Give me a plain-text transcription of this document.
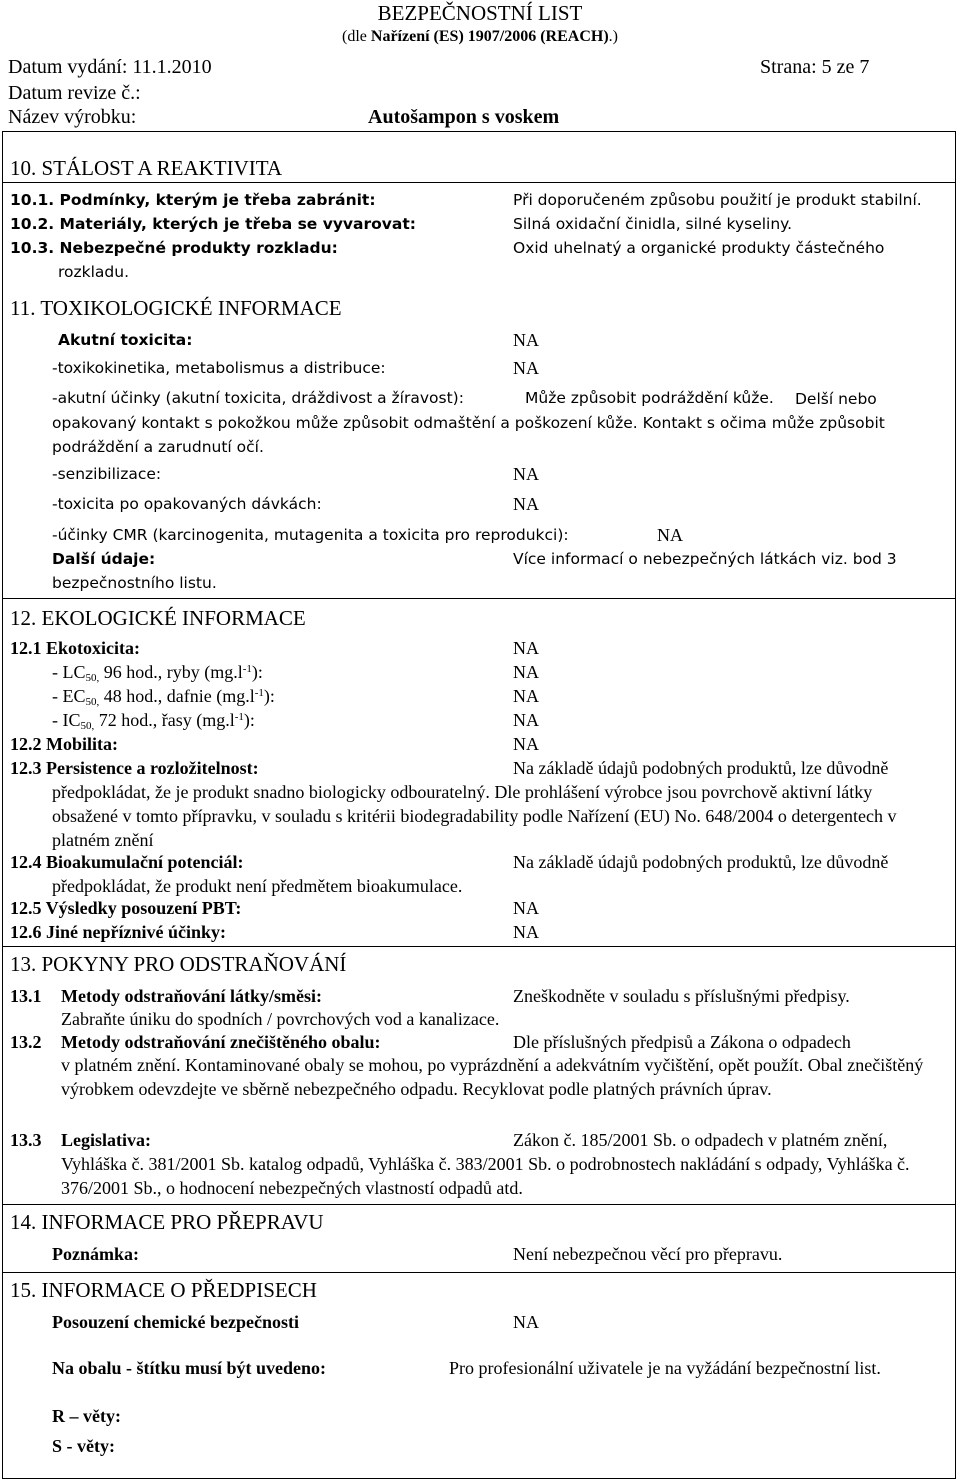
BEZPEČNOSTNÍ LIST
(dle Nařízení (ES) 1907/2006 (REACH).)
Datum vydání: 11.1.2010	Strana: 5 ze 7
Datum revize č.:
Název výrobku:	Autošampon s voskem
10. STÁLOST A REAKTIVITA
10.1. Podmínky, kterým je třeba zabránit:	Při doporučeném způsobu použití je produkt stabilní.
10.2. Materiály, kterých je třeba se vyvarovat:	Silná oxidační činidla, silné kyseliny.
10.3. Nebezpečné produkty rozkladu:	Oxid uhelnatý a organické produkty částečného
rozkladu.
11. TOXIKOLOGICKÉ INFORMACE
Akutní toxicita:	NA
-toxikokinetika, metabolismus a distribuce:	NA
-akutní účinky (akutní toxicita, dráždivost a žíravost):	Může způsobit podráždění kůže.	Delší nebo opakovaný kontakt s pokožkou může způsobit odmaštění a poškození kůže. Kontakt s očima může způsobit podráždění a zarudnutí očí.
-senzibilizace:	NA
-toxicita po opakovaných dávkách:	NA
-účinky CMR (karcinogenita, mutagenita a toxicita pro reprodukci):	NA
Další údaje:	Více informací o nebezpečných látkách viz. bod 3
bezpečnostního listu.
12. EKOLOGICKÉ INFORMACE
12.1 Ekotoxicita:	NA
- $LC_{50,}$ 96 hod., ryby $(mg.l^{-1})$:	NA
- $EC_{50,}$ 48 hod., dafnie $(mg.l^{-1})$:	NA
- $IC_{50,}$ 72 hod., řasy $(mg.l^{-1})$:	NA
12.2 Mobilita:	NA
12.3 Persistence a rozložitelnost:	Na základě údajů podobných produktů, lze důvodně
předpokládat, že je produkt snadno biologicky odbouratelný. Dle prohlášení výrobce jsou povrchově aktivní látky obsažené v tomto přípravku, v souladu s kritérii biodegradability podle Nařízení (EU) No. 648/2004 o detergentech v platném znění
12.4 Bioakumulační potenciál:	Na základě údajů podobných produktů, lze důvodně
předpokládat, že produkt není předmětem bioakumulace.
12.5 Výsledky posouzení PBT:	NA
12.6 Jiné nepříznivé účinky:	NA
13. POKYNY PRO ODSTRAŇOVÁNÍ
13.1 Metody odstraňování látky/směsi:	Zneškodněte v souladu s příslušnými předpisy.
Zabraňte úniku do spodních / povrchových vod a kanalizace.
13.2 Metody odstraňování znečištěného obalu:	Dle příslušných předpisů a Zákona o odpadech
v platném znění. Kontaminované obaly se mohou, po vyprázdnění a adekvátním vyčištění, opět použít. Obal znečištěný výrobkem odevzdejte ve sběrně nebezpečného odpadu. Recyklovat podle platných právních úprav.
13.3 Legislativa:	Zákon č. 185/2001 Sb. o odpadech v platném znění,
Vyhláška č. 381/2001 Sb. katalog odpadů, Vyhláška č. 383/2001 Sb. o podrobnostech nakládání s odpady, Vyhláška č. 376/2001 Sb., o hodnocení nebezpečných vlastností odpadů atd.
14. INFORMACE PRO PŘEPRAVU
Poznámka:	Není nebezpečnou věcí pro přepravu.
15. INFORMACE O PŘEDPISECH
Posouzení chemické bezpečnosti	NA
Na obalu - štítku musí být uvedeno:	Pro profesionální uživatele je na vyžádání bezpečnostní list.
R – věty:
S - věty:
